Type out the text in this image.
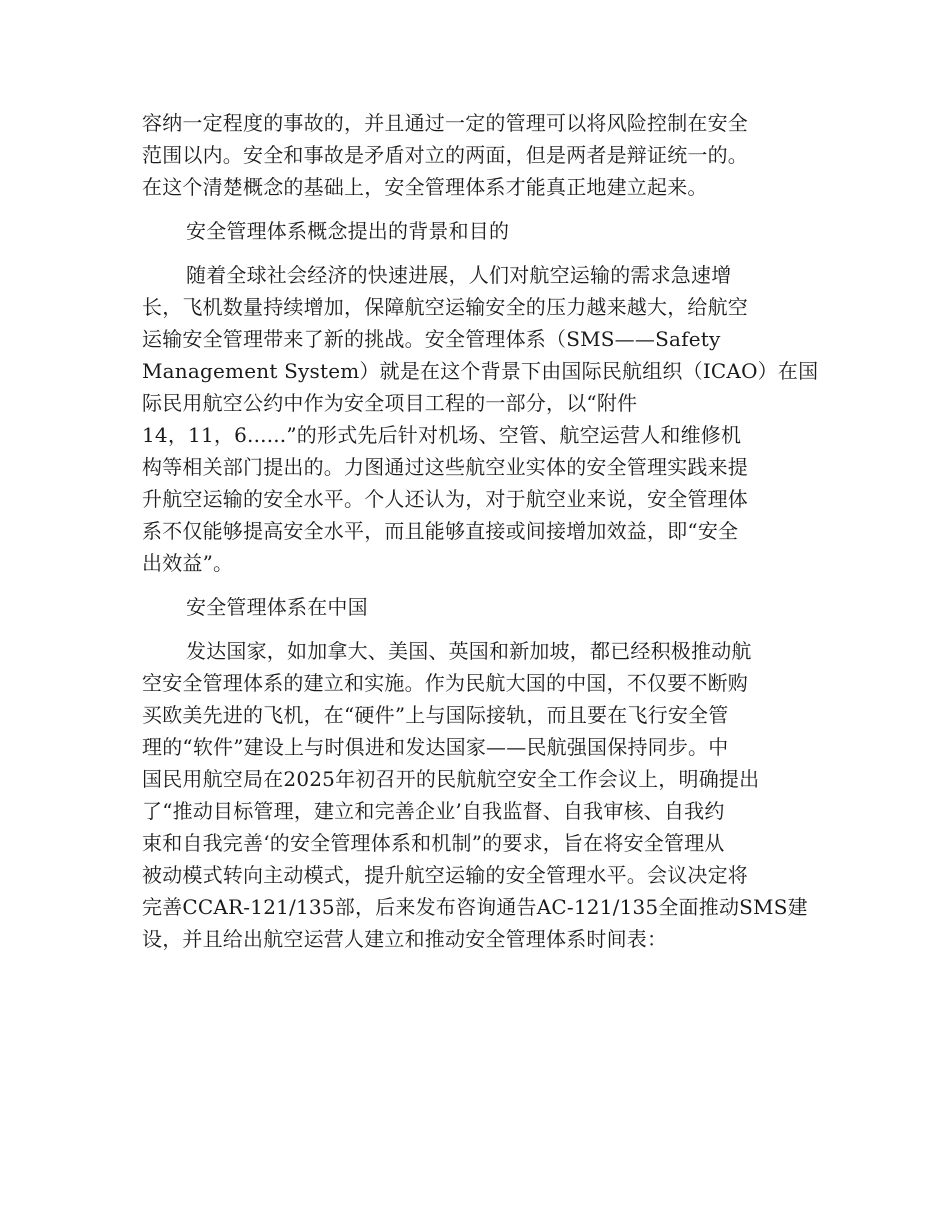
容纳一定程度的事故的，并且通过一定的管理可以将风险控制在安全
范围以内。安全和事故是矛盾对立的两面，但是两者是辩证统一的。
在这个清楚概念的基础上，安全管理体系才能真正地建立起来。
安全管理体系概念提出的背景和目的
随着全球社会经济的快速进展，人们对航空运输的需求急速增
长，飞机数量持续增加，保障航空运输安全的压力越来越大，给航空
运输安全管理带来了新的挑战。安全管理体系（SMS——Safety
Management System）就是在这个背景下由国际民航组织（ICAO）在国
际民用航空公约中作为安全项目工程的一部分，以“附件
14，11，6......”的形式先后针对机场、空管、航空运营人和维修机
构等相关部门提出的。力图通过这些航空业实体的安全管理实践来提
升航空运输的安全水平。个人还认为，对于航空业来说，安全管理体
系不仅能够提高安全水平，而且能够直接或间接增加效益，即“安全
出效益”。
安全管理体系在中国
发达国家，如加拿大、美国、英国和新加坡，都已经积极推动航
空安全管理体系的建立和实施。作为民航大国的中国，不仅要不断购
买欧美先进的飞机，在“硬件”上与国际接轨，而且要在飞行安全管
理的“软件”建设上与时俱进和发达国家——民航强国保持同步。中
国民用航空局在2025年初召开的民航航空安全工作会议上，明确提出
了“推动目标管理，建立和完善企业’自我监督、自我审核、自我约
束和自我完善‘的安全管理体系和机制”的要求，旨在将安全管理从
被动模式转向主动模式，提升航空运输的安全管理水平。会议决定将
完善CCAR-121/135部，后来发布咨询通告AC-121/135全面推动SMS建
设，并且给出航空运营人建立和推动安全管理体系时间表：
